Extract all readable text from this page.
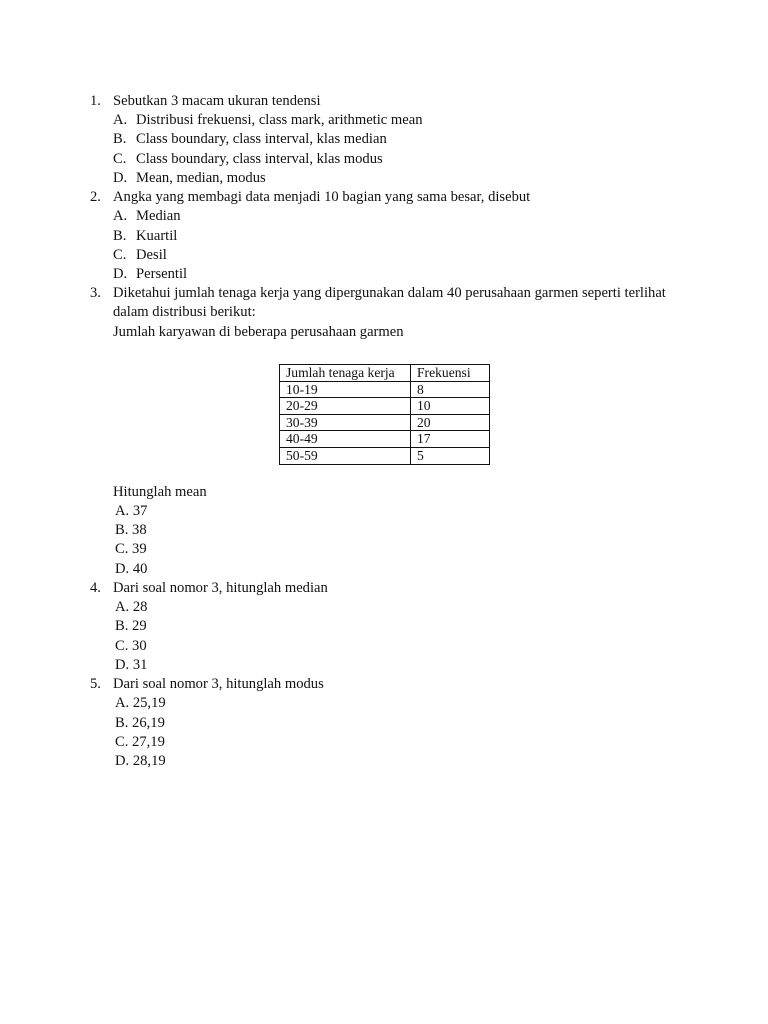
1. Sebutkan 3 macam ukuran tendensi
A. Distribusi frekuensi, class mark, arithmetic mean
B. Class boundary, class interval, klas median
C. Class boundary, class interval, klas modus
D. Mean, median, modus
2. Angka yang membagi data menjadi 10 bagian yang sama besar, disebut
A. Median
B. Kuartil
C. Desil
D. Persentil
3. Diketahui jumlah tenaga kerja yang dipergunakan dalam 40 perusahaan garmen seperti terlihat
dalam distribusi berikut:
Jumlah karyawan di beberapa perusahaan garmen
Jumlah tenaga kerja	Frekuensi
10-19	8
20-29	10
30-39	20
40-49	17
50-59	5
Hitunglah mean
A. 37
B. 38
C. 39
D. 40
4. Dari soal nomor 3, hitunglah median
A. 28
B. 29
C. 30
D. 31
5. Dari soal nomor 3, hitunglah modus
A. 25,19
B. 26,19
C. 27,19
D. 28,19
